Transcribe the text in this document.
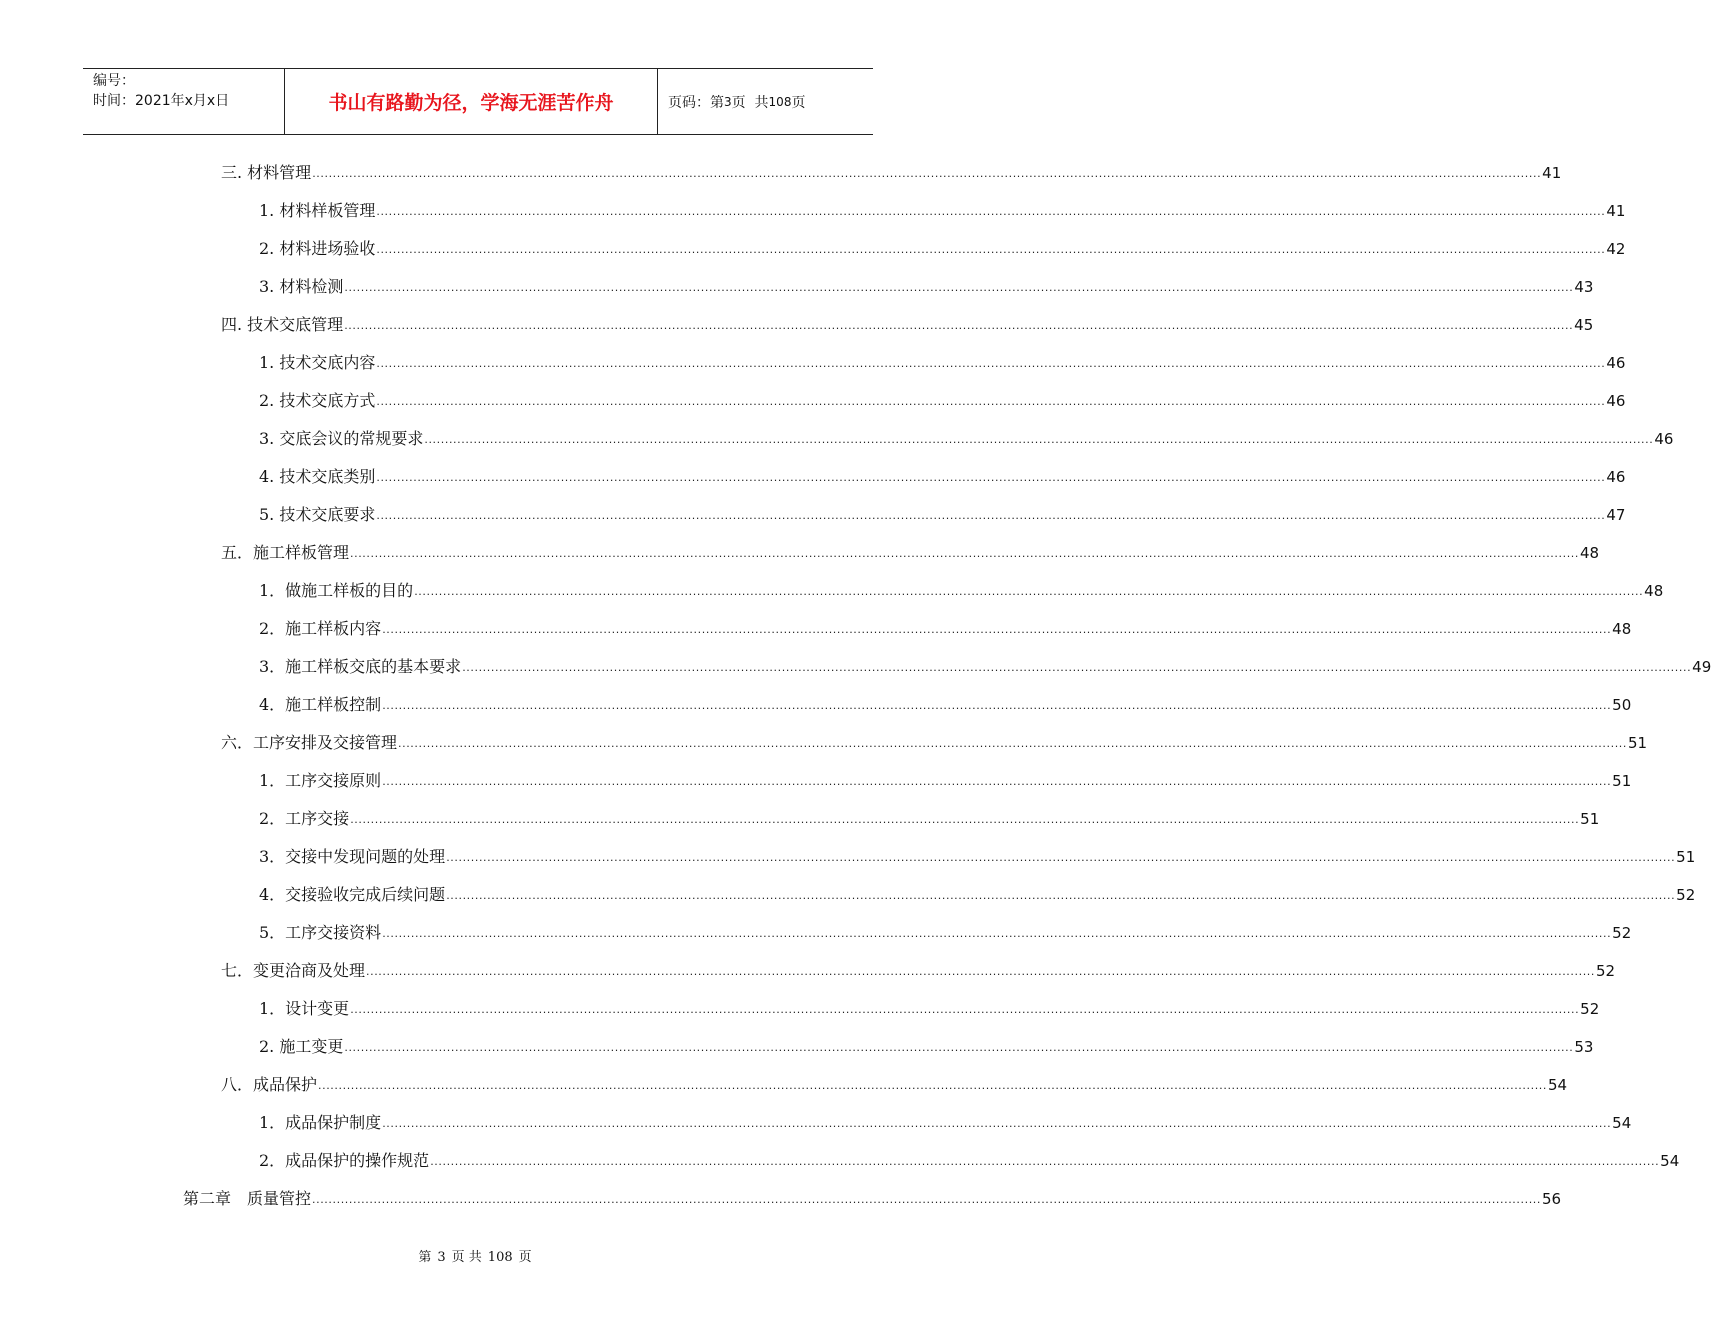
编号：
时间：2021年x月x日	书山有路勤为径，学海无涯苦作舟	页码：第 3 页  共 108 页
三. 材料管理 ............................................................................................................................................................................................................................................................................................................ 41
1. 材料样板管理 ............................................................................................................................................................................................................................................................................................................ 41
2. 材料进场验收 ............................................................................................................................................................................................................................................................................................................ 42
3. 材料检测 ............................................................................................................................................................................................................................................................................................................ 43
四. 技术交底管理 ............................................................................................................................................................................................................................................................................................................ 45
1. 技术交底内容 ............................................................................................................................................................................................................................................................................................................ 46
2. 技术交底方式 ............................................................................................................................................................................................................................................................................................................ 46
3. 交底会议的常规要求 ............................................................................................................................................................................................................................................................................................................ 46
4. 技术交底类别 ............................................................................................................................................................................................................................................................................................................ 46
5. 技术交底要求 ............................................................................................................................................................................................................................................................................................................ 47
五．施工样板管理 ............................................................................................................................................................................................................................................................................................................ 48
1．做施工样板的目的 ............................................................................................................................................................................................................................................................................................................ 48
2．施工样板内容 ............................................................................................................................................................................................................................................................................................................ 48
3．施工样板交底的基本要求 ............................................................................................................................................................................................................................................................................................................ 49
4．施工样板控制 ............................................................................................................................................................................................................................................................................................................ 50
六．工序安排及交接管理 ............................................................................................................................................................................................................................................................................................................ 51
1．工序交接原则 ............................................................................................................................................................................................................................................................................................................ 51
2．工序交接 ............................................................................................................................................................................................................................................................................................................ 51
3．交接中发现问题的处理 ............................................................................................................................................................................................................................................................................................................ 51
4．交接验收完成后续问题 ............................................................................................................................................................................................................................................................................................................ 52
5．工序交接资料 ............................................................................................................................................................................................................................................................................................................ 52
七．变更洽商及处理 ............................................................................................................................................................................................................................................................................................................ 52
1．设计变更 ............................................................................................................................................................................................................................................................................................................ 52
2. 施工变更 ............................................................................................................................................................................................................................................................................................................ 53
八．成品保护 ............................................................................................................................................................................................................................................................................................................ 54
1．成品保护制度 ............................................................................................................................................................................................................................................................................................................ 54
2．成品保护的操作规范 ............................................................................................................................................................................................................................................................................................................ 54
第二章　质量管控 ............................................................................................................................................................................................................................................................................................................ 56
第 3 页 共 108 页
